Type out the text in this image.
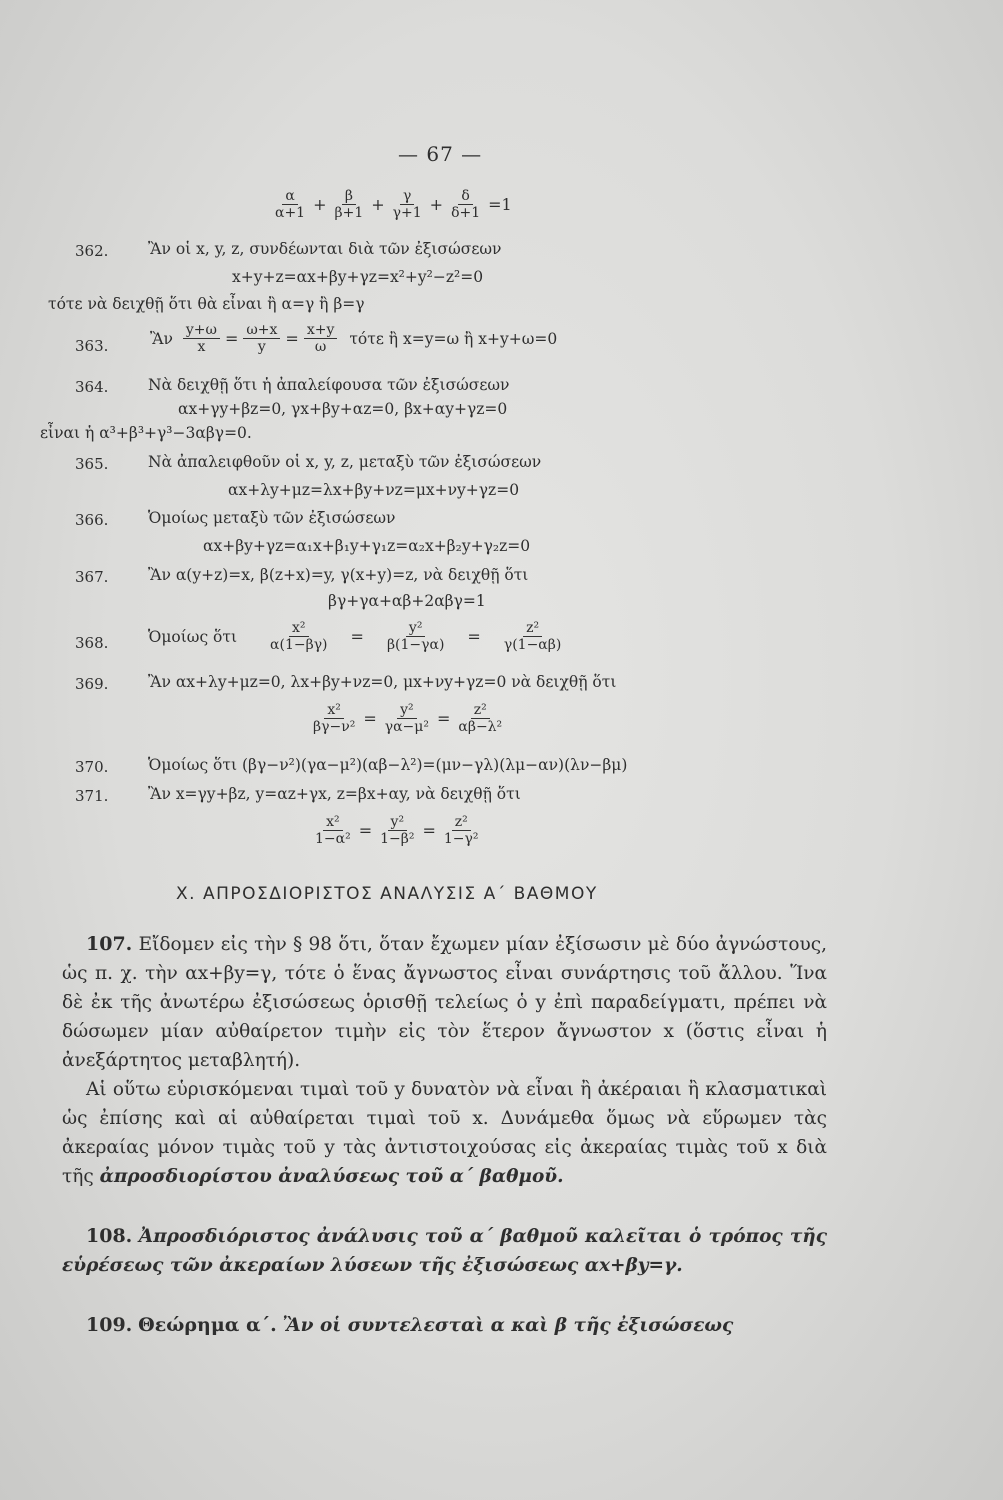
— 67 —
$\frac{\alpha}{\alpha+1} + \frac{\beta}{\beta+1} + \frac{\gamma}{\gamma+1} + \frac{\delta}{\delta+1} =1$
362.	Ἂν οἱ x, y, z, συνδέωνται διὰ τῶν ἐξισώσεων
x+y+z=αx+βy+γz=x²+y²−z²=0
τότε νὰ δειχθῇ ὅτι θὰ εἶναι ἢ α=γ ἢ β=γ
363.	Ἂν $\frac{y+\omega}{x} = \frac{\omega+x}{y} = \frac{x+y}{\omega}$ τότε ἢ x=y=ω ἢ x+y+ω=0
364.	Νὰ δειχθῇ ὅτι ἡ ἀπαλείφουσα τῶν ἐξισώσεων
αx+γy+βz=0, γx+βy+αz=0, βx+αy+γz=0
εἶναι ἡ α³+β³+γ³−3αβγ=0.
365.	Νὰ ἀπαλειφθοῦν οἱ x, y, z, μεταξὺ τῶν ἐξισώσεων
αx+λy+μz=λx+βy+νz=μx+νy+γz=0
366.	Ὁμοίως μεταξὺ τῶν ἐξισώσεων
αx+βy+γz=α₁x+β₁y+γ₁z=α₂x+β₂y+γ₂z=0
367.	Ἂν α(y+z)=x, β(z+x)=y, γ(x+y)=z, νὰ δειχθῇ ὅτι
βγ+γα+αβ+2αβγ=1
368.	Ὁμοίως ὅτι $\frac{\text{x²}}{\alpha(1-\beta\gamma)}$	=	$\frac{\text{y²}}{\beta(1-\gamma\alpha)}$	=	$\frac{\text{z²}}{\gamma(1-\alpha\beta)}$
369.	Ἂν αx+λy+μz=0, λx+βy+νz=0, μx+νy+γz=0 νὰ δειχθῇ ὅτι
$\frac{\text{x²}}{\text{βγ−ν²}} = \frac{\text{y²}}{\text{γα−μ²}} = \frac{\text{z²}}{\text{αβ−λ²}}$
370.	Ὁμοίως ὅτι (βγ−ν²)(γα−μ²)(αβ−λ²)=(μν−γλ)(λμ−αν)(λν−βμ)
371.	Ἂν x=γy+βz, y=αz+γx, z=βx+αy, νὰ δειχθῇ ὅτι
$\frac{\text{x²}}{\text{1−α²}} = \frac{\text{y²}}{\text{1−β²}} = \frac{\text{z²}}{\text{1−γ²}}$
X. ΑΠΡΟΣΔΙΟΡΙΣΤΟΣ ΑΝΑΛΥΣΙΣ Α΄ ΒΑΘΜΟΥ

107. Εἴδομεν εἰς τὴν § 98 ὅτι, ὅταν ἔχωμεν μίαν ἐξίσωσιν μὲ δύο ἀγνώστους, ὡς π. χ. τὴν αx+βy=γ, τότε ὁ ἕνας ἄγνωστος εἶναι συνάρτησις τοῦ ἄλλου. Ἵνα δὲ ἐκ τῆς ἀνωτέρω ἐξισώσεως ὁρισθῇ τελείως ὁ y ἐπὶ παραδείγματι, πρέπει νὰ δώσωμεν μίαν αὐθαίρετον τιμὴν εἰς τὸν ἕτερον ἄγνωστον x (ὅστις εἶναι ἡ ἀνεξάρτητος μεταβλητή).

Αἱ οὕτω εὑρισκόμεναι τιμαὶ τοῦ y δυνατὸν νὰ εἶναι ἢ ἀκέραιαι ἢ κλασματικαὶ ὡς ἐπίσης καὶ αἱ αὐθαίρεται τιμαὶ τοῦ x. Δυνάμεθα ὅμως νὰ εὕρωμεν τὰς ἀκεραίας μόνον τιμὰς τοῦ y τὰς ἀντιστοιχούσας εἰς ἀκεραίας τιμὰς τοῦ x διὰ τῆς ἀπροσδιορίστου ἀναλύσεως τοῦ α΄ βαθμοῦ.

108. Ἀπροσδιόριστος ἀνάλυσις τοῦ α΄ βαθμοῦ καλεῖται ὁ τρόπος τῆς εὑρέσεως τῶν ἀκεραίων λύσεων τῆς ἐξισώσεως αx+βy=γ.

109. Θεώρημα α΄. Ἂν οἱ συντελεσταὶ α καὶ β τῆς ἐξισώσεως
